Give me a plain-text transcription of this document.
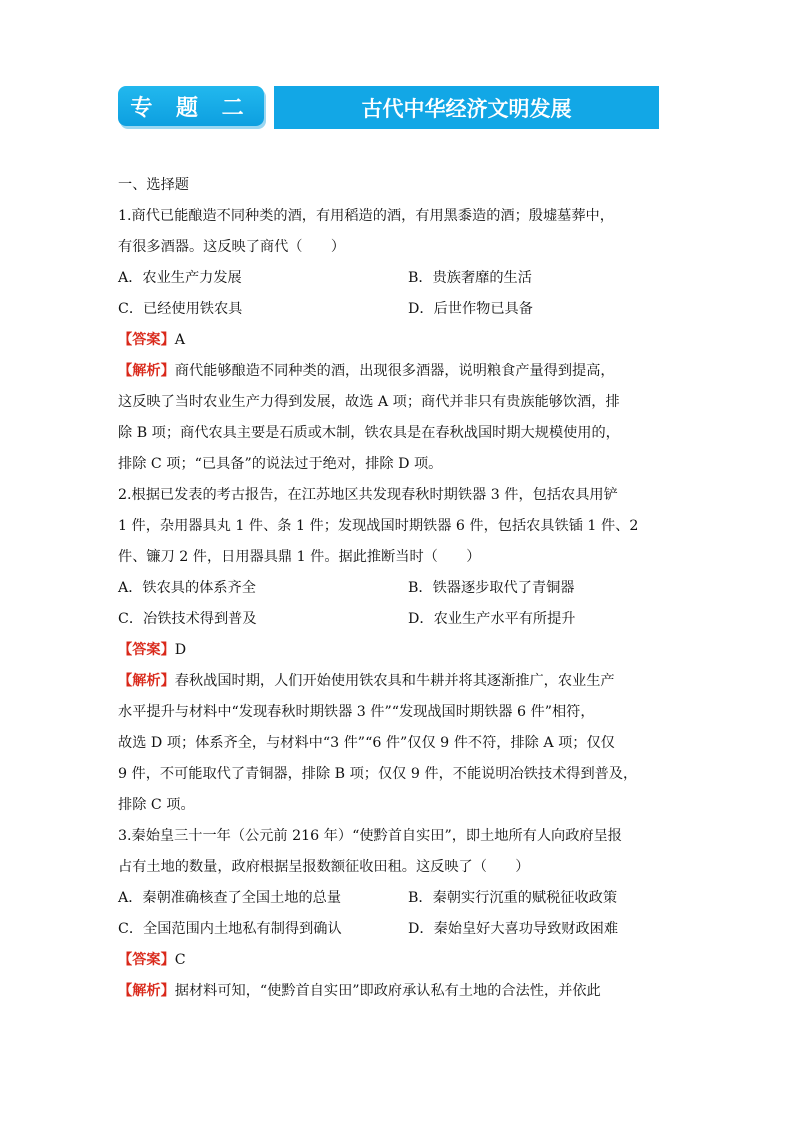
专 题 二	古代中华经济文明发展
一、选择题
1.商代已能酿造不同种类的酒，有用稻造的酒，有用黑黍造的酒；殷墟墓葬中，
有很多酒器。这反映了商代（　　）
A．农业生产力发展	B．贵族奢靡的生活
C．已经使用铁农具	D．后世作物已具备
【答案】A
【解析】商代能够酿造不同种类的酒，出现很多酒器，说明粮食产量得到提高，
这反映了当时农业生产力得到发展，故选 A 项；商代并非只有贵族能够饮酒，排
除 B 项；商代农具主要是石质或木制，铁农具是在春秋战国时期大规模使用的，
排除 C 项；“已具备”的说法过于绝对，排除 D 项。
2.根据已发表的考古报告，在江苏地区共发现春秋时期铁器 3 件，包括农具用铲
1 件，杂用器具丸 1 件、条 1 件；发现战国时期铁器 6 件，包括农具铁锸 1 件、2
件、镰刀 2 件，日用器具鼎 1 件。据此推断当时（　　）
A．铁农具的体系齐全	B．铁器逐步取代了青铜器
C．冶铁技术得到普及	D．农业生产水平有所提升
【答案】D
【解析】春秋战国时期，人们开始使用铁农具和牛耕并将其逐渐推广，农业生产
水平提升与材料中“发现春秋时期铁器 3 件”“发现战国时期铁器 6 件”相符，
故选 D 项；体系齐全，与材料中“3 件”“6 件”仅仅 9 件不符，排除 A 项；仅仅
9 件，不可能取代了青铜器，排除 B 项；仅仅 9 件，不能说明冶铁技术得到普及，
排除 C 项。
3.秦始皇三十一年（公元前 216 年）“使黔首自实田”，即土地所有人向政府呈报
占有土地的数量，政府根据呈报数额征收田租。这反映了（　　）
A．秦朝准确核查了全国土地的总量	B．秦朝实行沉重的赋税征收政策
C．全国范围内土地私有制得到确认	D．秦始皇好大喜功导致财政困难
【答案】C
【解析】据材料可知，“使黔首自实田”即政府承认私有土地的合法性，并依此
